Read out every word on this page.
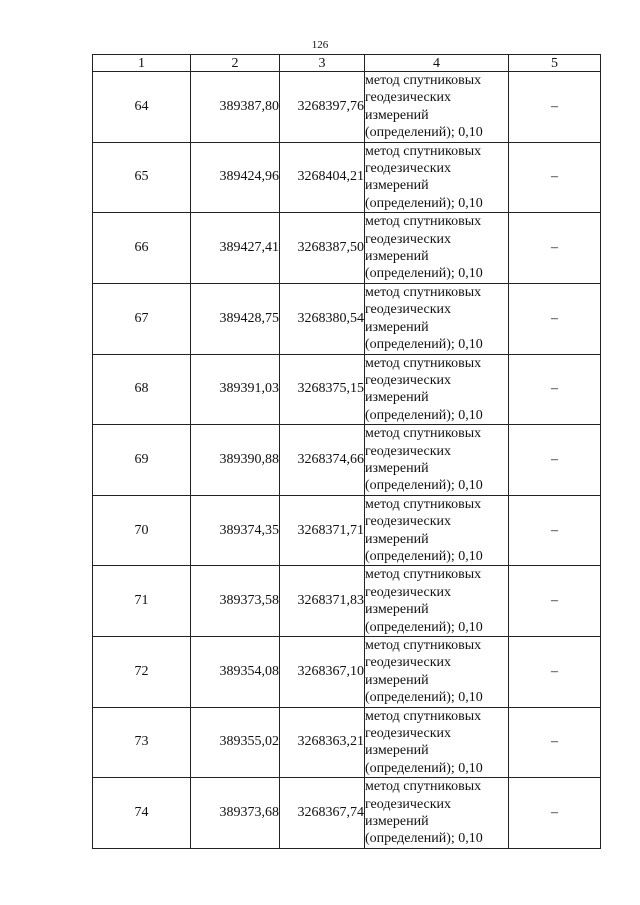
126
1	2	3	4	5
64	389387,80	3268397,76	метод спутниковых геодезических измерений (определений); 0,10	–
65	389424,96	3268404,21	метод спутниковых геодезических измерений (определений); 0,10	–
66	389427,41	3268387,50	метод спутниковых геодезических измерений (определений); 0,10	–
67	389428,75	3268380,54	метод спутниковых геодезических измерений (определений); 0,10	–
68	389391,03	3268375,15	метод спутниковых геодезических измерений (определений); 0,10	–
69	389390,88	3268374,66	метод спутниковых геодезических измерений (определений); 0,10	–
70	389374,35	3268371,71	метод спутниковых геодезических измерений (определений); 0,10	–
71	389373,58	3268371,83	метод спутниковых геодезических измерений (определений); 0,10	–
72	389354,08	3268367,10	метод спутниковых геодезических измерений (определений); 0,10	–
73	389355,02	3268363,21	метод спутниковых геодезических измерений (определений); 0,10	–
74	389373,68	3268367,74	метод спутниковых геодезических измерений (определений); 0,10	–
